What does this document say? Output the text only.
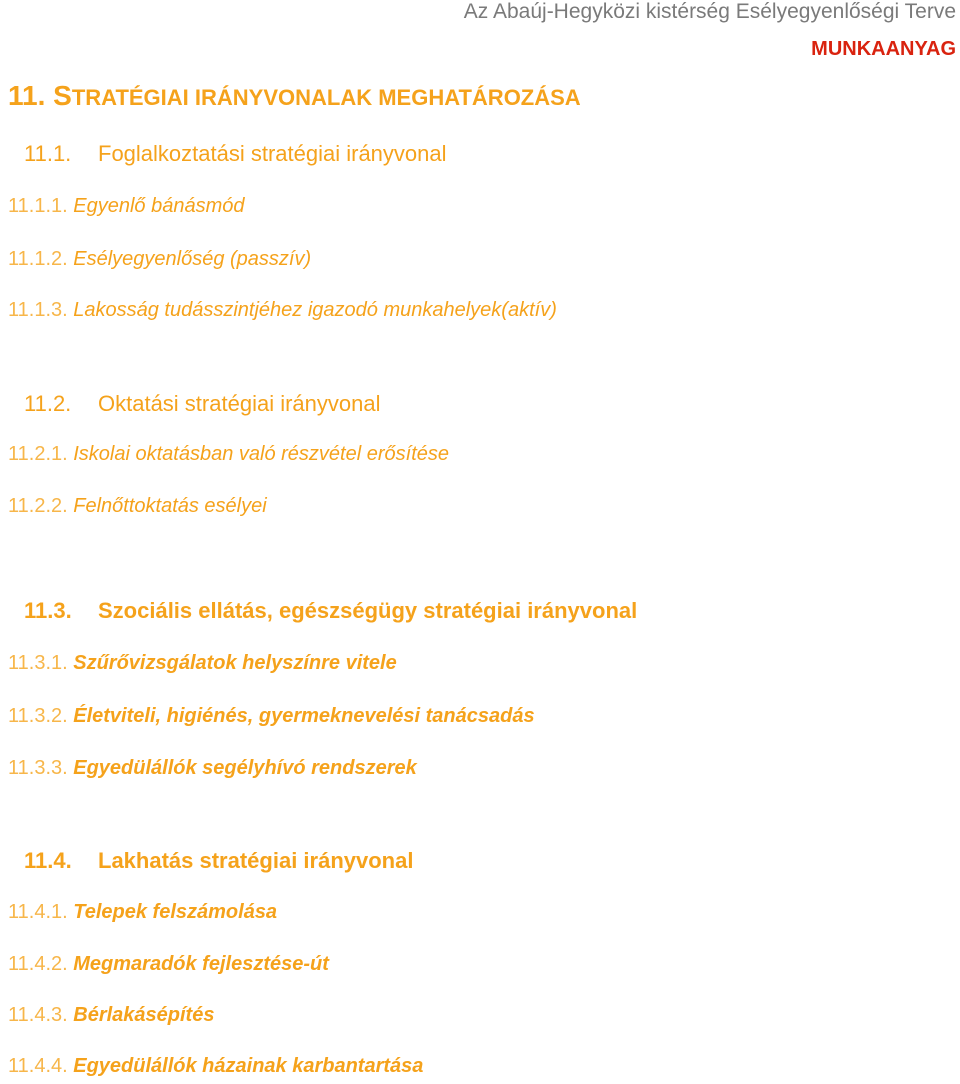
Az Abaúj-Hegyközi kistérség Esélyegyenlőségi Terve
MUNKAANYAG
11. STRATÉGIAI IRÁNYVONALAK MEGHATÁROZÁSA
11.1. Foglalkoztatási stratégiai irányvonal
11.1.1. Egyenlő bánásmód
11.1.2. Esélyegyenlőség (passzív)
11.1.3. Lakosság tudásszintjéhez igazodó munkahelyek(aktív)
11.2. Oktatási stratégiai irányvonal
11.2.1. Iskolai oktatásban való részvétel erősítése
11.2.2. Felnőttoktatás esélyei
11.3. Szociális ellátás, egészségügy stratégiai irányvonal
11.3.1. Szűrővizsgálatok helyszínre vitele
11.3.2. Életviteli, higiénés, gyermeknevelési tanácsadás
11.3.3. Egyedülállók segélyhívó rendszerek
11.4. Lakhatás stratégiai irányvonal
11.4.1. Telepek felszámolása
11.4.2. Megmaradók fejlesztése-út
11.4.3. Bérlakásépítés
11.4.4. Egyedülállók házainak karbantartása
